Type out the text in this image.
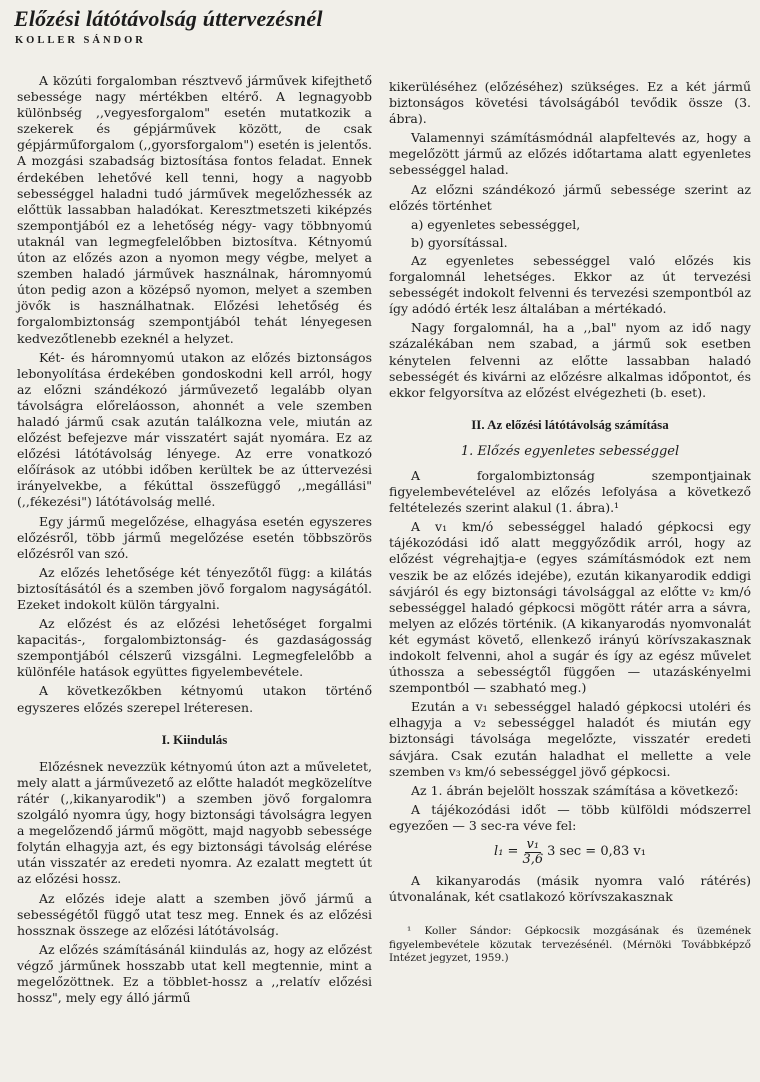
Előzési látótávolság úttervezésnél
KOLLER SÁNDOR

A közúti forgalomban résztvevő járművek kifejthető sebessége nagy mértékben eltérő. A legnagyobb különbség ,,vegyesforgalom" esetén mutatkozik a szekerek és gépjárművek között, de csak gépjárműforgalom (,,gyorsforgalom") esetén is jelentős. A mozgási szabadság biztosítása fontos feladat. Ennek érdekében lehetővé kell tenni, hogy a nagyobb sebességgel haladni tudó járművek megelőzhessék az előttük lassabban haladókat. Keresztmetszeti kiképzés szempontjából ez a lehetőség négy- vagy többnyomú utaknál van legmegfelelőbben biztosítva. Kétnyomú úton az előzés azon a nyomon megy végbe, melyet a szemben haladó járművek használnak, háromnyomú úton pedig azon a középső nyomon, melyet a szemben jövők is használhatnak. Előzési lehetőség és forgalombiztonság szempontjából tehát lényegesen kedvezőtlenebb ezeknél a helyzet.

Két- és háromnyomú utakon az előzés biztonságos lebonyolítása érdekében gondoskodni kell arról, hogy az előzni szándékozó járművezető legalább olyan távolságra előreláosson, ahonnét a vele szemben haladó jármű csak azután találkozna vele, miután az előzést befejezve már visszatért saját nyomára. Ez az előzési látótávolság lényege. Az erre vonatkozó előírások az utóbbi időben kerültek be az úttervezési irányelvekbe, a fékúttal összefüggő ,,megállási" (,,fékezési") látótávolság mellé.

Egy jármű megelőzése, elhagyása esetén egyszeres előzésről, több jármű megelőzése esetén többszörös előzésről van szó.

Az előzés lehetősége két tényezőtől függ: a kilátás biztosításától és a szemben jövő forgalom nagyságától. Ezeket indokolt külön tárgyalni.

Az előzést és az előzési lehetőséget forgalmi kapacitás-, forgalombiztonság- és gazdaságosság szempontjából célszerű vizsgálni. Legmegfelelőbb a különféle hatások együttes figyelembevétele.

A következőkben kétnyomú utakon történő egyszeres előzés szerepel lréteresen.

I. Kiindulás

Előzésnek nevezzük kétnyomú úton azt a műveletet, mely alatt a járművezető az előtte haladót megközelítve rátér (,,kikanyarodik") a szemben jövő forgalomra szolgáló nyomra úgy, hogy biztonsági távolságra legyen a megelőzendő jármű mögött, majd nagyobb sebessége folytán elhagyja azt, és egy biztonsági távolság elérése után visszatér az eredeti nyomra. Az ezalatt megtett út az előzési hossz.

Az előzés ideje alatt a szemben jövő jármű a sebességétől függő utat tesz meg. Ennek és az előzési hossznak összege az előzési látótávolság.

Az előzés számításánál kiindulás az, hogy az előzést végző járműnek hosszabb utat kell megtennie, mint a megelőzöttnek. Ez a többlet-hossz a ,,relatív előzési hossz", mely egy álló jármű

kikerüléséhez (előzéséhez) szükséges. Ez a két jármű biztonságos követési távolságából tevődik össze (3. ábra).

Valamennyi számításmódnál alapfeltevés az, hogy a megelőzött jármű az előzés időtartama alatt egyenletes sebességgel halad.

Az előzni szándékozó jármű sebessége szerint az előzés történhet

a) egyenletes sebességgel,
b) gyorsítással.

Az egyenletes sebességgel való előzés kis forgalomnál lehetséges. Ekkor az út tervezési sebességét indokolt felvenni és tervezési szempontból az így adódó érték lesz általában a mértékadó.

Nagy forgalomnál, ha a ,,bal" nyom az idő nagy százalékában nem szabad, a jármű sok esetben kénytelen felvenni az előtte lassabban haladó sebességét és kivárni az előzésre alkalmas időpontot, és ekkor felgyorsítva az előzést elvégezheti (b. eset).

II. Az előzési látótávolság számítása
1. Előzés egyenletes sebességgel

A forgalombiztonság szempontjainak figyelembevételével az előzés lefolyása a következő feltételezés szerint alakul (1. ábra).¹

A v₁ km/ó sebességgel haladó gépkocsi egy tájékozódási idő alatt meggyőződik arról, hogy az előzést végrehajtja-e (egyes számításmódok ezt nem veszik be az előzés idejébe), ezután kikanyarodik eddigi sávjáról és egy biztonsági távolsággal az előtte v₂ km/ó sebességgel haladó gépkocsi mögött rátér arra a sávra, melyen az előzés történik. (A kikanyarodás nyomvonalát két egymást követő, ellenkező irányú körívszakasznak indokolt felvenni, ahol a sugár és így az egész művelet úthossza a sebességtől függően — utazáskényelmi szempontból — szabható meg.)

Ezután a v₁ sebességgel haladó gépkocsi utoléri és elhagyja a v₂ sebességgel haladót és miután egy biztonsági távolsága megelőzte, visszatér eredeti sávjára. Csak ezután haladhat el mellette a vele szemben v₃ km/ó sebességgel jövő gépkocsi.

Az 1. ábrán bejelölt hosszak számítása a következő:

A tájékozódási időt — több külföldi módszerrel egyezően — 3 sec-ra véve fel:

$l_1 = \frac{\text{v₁}}{3,6} 3$ sec = 0,83 v₁

A kikanyarodás (másik nyomra való rátérés) útvonalának, két csatlakozó körívszakasznak

¹ Koller Sándor: Gépkocsik mozgásának és üzemének figyelembevétele közutak tervezésénél. (Mérnöki Továbbképző Intézet jegyzet, 1959.)
